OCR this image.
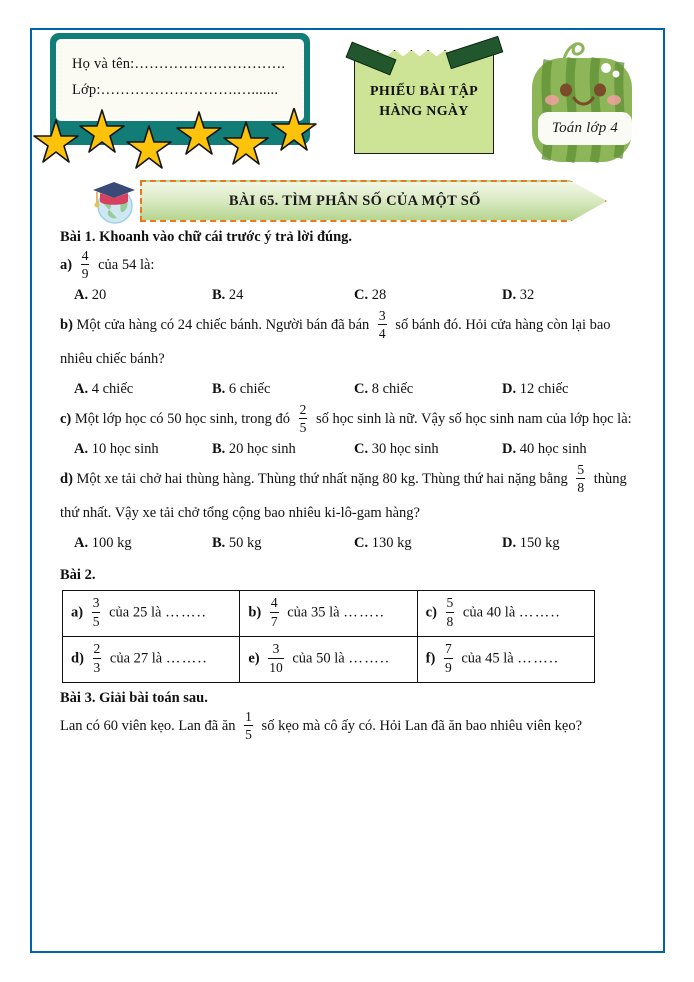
Họ và tên:………………………….
Lớp:……………………….….......	PHIẾU BÀI TẬP
HÀNG NGÀY
Toán lớp 4
BÀI 65. TÌM PHÂN SỐ CỦA MỘT SỐ
Bài 1. Khoanh vào chữ cái trước ý trả lời đúng.
$a) \frac{4}{9}$ của 54 là:
A. 20	B. 24	C. 28	D. 32
b) Một cửa hàng có 24 chiếc bánh. Người bán đã bán $\frac{3}{4}$ số bánh đó. Hỏi cửa hàng còn lại bao nhiêu chiếc bánh?
A. 4 chiếc	B. 6 chiếc	C. 8 chiếc	D. 12 chiếc
c) Một lớp học có 50 học sinh, trong đó $\frac{2}{5}$ số học sinh là nữ. Vậy số học sinh nam của lớp học là:
A. 10 học sinh	B. 20 học sinh	C. 30 học sinh	D. 40 học sinh
d) Một xe tải chở hai thùng hàng. Thùng thứ nhất nặng 80 kg. Thùng thứ hai nặng bằng $\frac{5}{8}$ thùng thứ nhất. Vậy xe tải chở tổng cộng bao nhiêu ki-lô-gam hàng?
A. 100 kg	B. 50 kg	C. 130 kg	D. 150 kg
Bài 2.
$a) \frac{3}{5}$ của 25 là ……..	$b) \frac{4}{7}$ của 35 là ……..	$c) \frac{5}{8}$ của 40 là ……..
$d) \frac{2}{3}$ của 27 là ……..	$e) \frac{3}{10}$ của 50 là ……..	$f) \frac{7}{9}$ của 45 là ……..
Bài 3. Giải bài toán sau.
Lan có 60 viên kẹo. Lan đã ăn $\frac{1}{5}$ số kẹo mà cô ấy có. Hỏi Lan đã ăn bao nhiêu viên kẹo?
